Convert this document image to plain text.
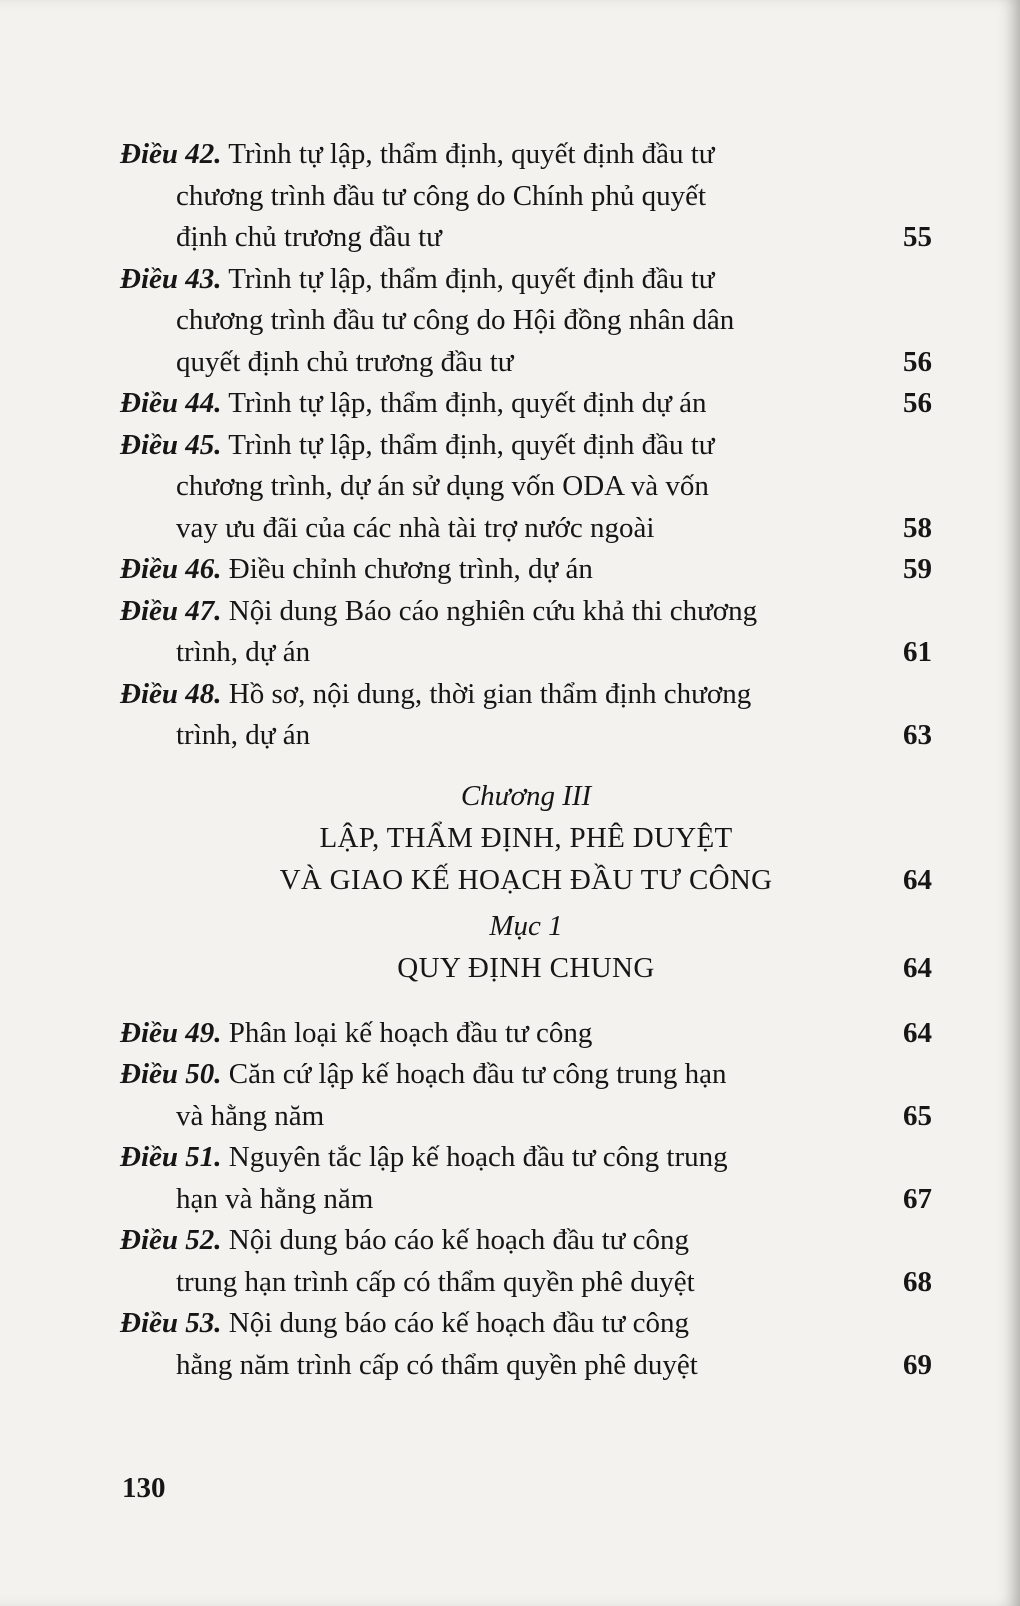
Điều 42. Trình tự lập, thẩm định, quyết định đầu tư
chương trình đầu tư công do Chính phủ quyết
định chủ trương đầu tư	55
Điều 43. Trình tự lập, thẩm định, quyết định đầu tư
chương trình đầu tư công do Hội đồng nhân dân
quyết định chủ trương đầu tư	56
Điều 44. Trình tự lập, thẩm định, quyết định dự án	56
Điều 45. Trình tự lập, thẩm định, quyết định đầu tư
chương trình, dự án sử dụng vốn ODA và vốn
vay ưu đãi của các nhà tài trợ nước ngoài	58
Điều 46. Điều chỉnh chương trình, dự án	59
Điều 47. Nội dung Báo cáo nghiên cứu khả thi chương
trình, dự án	61
Điều 48. Hồ sơ, nội dung, thời gian thẩm định chương
trình, dự án	63
Chương III
LẬP, THẨM ĐỊNH, PHÊ DUYỆT
VÀ GIAO KẾ HOẠCH ĐẦU TƯ CÔNG	64
Mục 1
QUY ĐỊNH CHUNG	64
Điều 49. Phân loại kế hoạch đầu tư công	64
Điều 50. Căn cứ lập kế hoạch đầu tư công trung hạn
và hằng năm	65
Điều 51. Nguyên tắc lập kế hoạch đầu tư công trung
hạn và hằng năm	67
Điều 52. Nội dung báo cáo kế hoạch đầu tư công
trung hạn trình cấp có thẩm quyền phê duyệt	68
Điều 53. Nội dung báo cáo kế hoạch đầu tư công
hằng năm trình cấp có thẩm quyền phê duyệt	69
130
